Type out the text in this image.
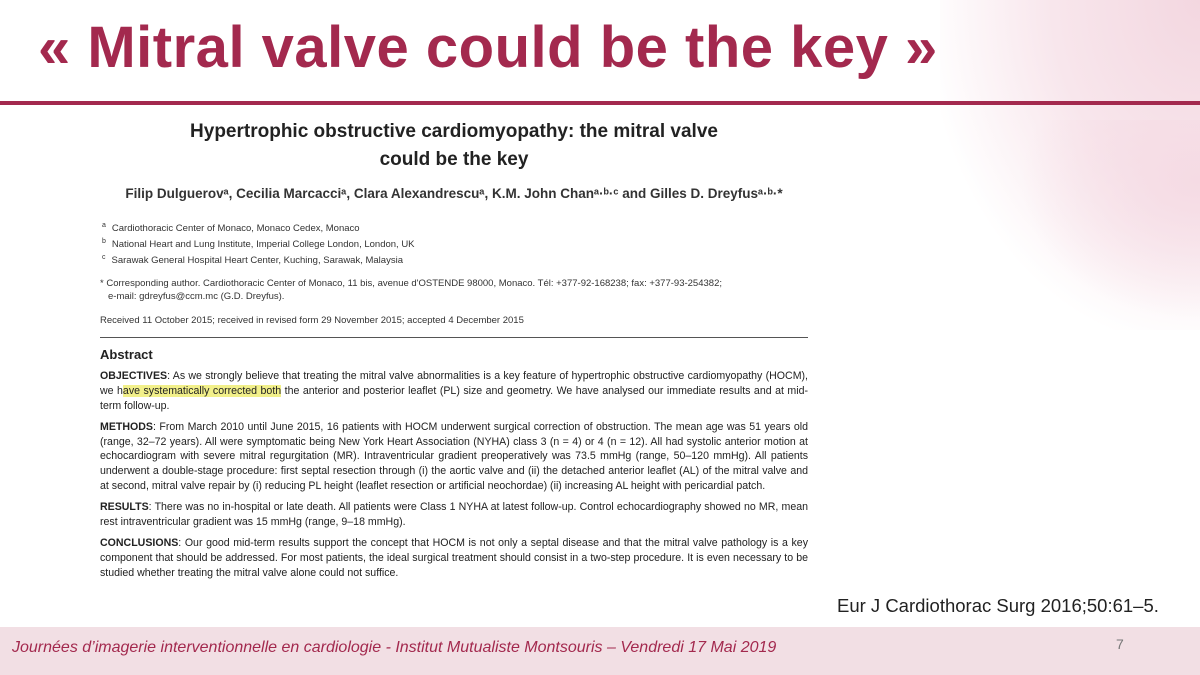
« Mitral valve could be the key »

Hypertrophic obstructive cardiomyopathy: the mitral valve
could be the key

Filip Dulguerovᵃ, Cecilia Marcacciᵃ, Clara Alexandrescuᵃ, K.M. John Chanᵃ·ᵇ·ᶜ and Gilles D. Dreyfusᵃ·ᵇ·*
$^a$ Cardiothoracic Center of Monaco, Monaco Cedex, Monaco
$^b$ National Heart and Lung Institute, Imperial College London, London, UK
$^c$ Sarawak General Hospital Heart Center, Kuching, Sarawak, Malaysia
* Corresponding author. Cardiothoracic Center of Monaco, 11 bis, avenue d'OSTENDE 98000, Monaco. Tél: +377-92-168238; fax: +377-93-254382;
e-mail: gdreyfus@ccm.mc (G.D. Dreyfus).
Received 11 October 2015; received in revised form 29 November 2015; accepted 4 December 2015
Abstract
OBJECTIVES: As we strongly believe that treating the mitral valve abnormalities is a key feature of hypertrophic obstructive cardiomyopathy (HOCM), we have systematically corrected both the anterior and posterior leaflet (PL) size and geometry. We have analysed our immediate results and at mid-term follow-up.
METHODS: From March 2010 until June 2015, 16 patients with HOCM underwent surgical correction of obstruction. The mean age was 51 years old (range, 32–72 years). All were symptomatic being New York Heart Association (NYHA) class 3 (n = 4) or 4 (n = 12). All had systolic anterior motion at echocardiogram with severe mitral regurgitation (MR). Intraventricular gradient preoperatively was 73.5 mmHg (range, 50–120 mmHg). All patients underwent a double-stage procedure: first septal resection through (i) the aortic valve and (ii) the detached anterior leaflet (AL) of the mitral valve and at second, mitral valve repair by (i) reducing PL height (leaflet resection or artificial neochordae) (ii) increasing AL height with pericardial patch.
RESULTS: There was no in-hospital or late death. All patients were Class 1 NYHA at latest follow-up. Control echocardiography showed no MR, mean rest intraventricular gradient was 15 mmHg (range, 9–18 mmHg).
CONCLUSIONS: Our good mid-term results support the concept that HOCM is not only a septal disease and that the mitral valve pathology is a key component that should be addressed. For most patients, the ideal surgical treatment should consist in a two-step procedure. It is even necessary to be studied whether treating the mitral valve alone could not suffice.
Eur J Cardiothorac Surg 2016;50:61–5.
Journées d’imagerie interventionnelle en cardiologie - Institut Mutualiste Montsouris – Vendredi 17 Mai 2019	7
